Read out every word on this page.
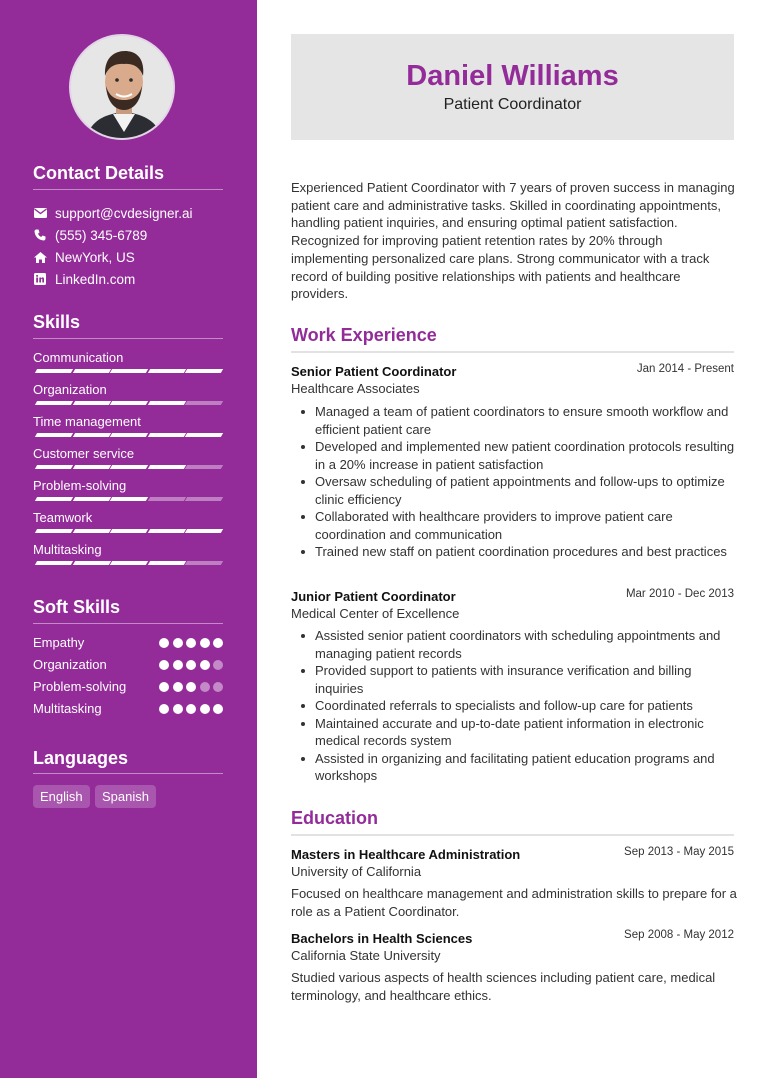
Contact Details
support@cvdesigner.ai
(555) 345-6789
NewYork, US
LinkedIn.com
Skills
Communication
Organization
Time management
Customer service
Problem-solving
Teamwork
Multitasking
Soft Skills
Empathy
Organization
Problem-solving
Multitasking
Languages
English	Spanish
Daniel Williams
Patient Coordinator
Experienced Patient Coordinator with 7 years of proven success in managing patient care and administrative tasks. Skilled in coordinating appointments, handling patient inquiries, and ensuring optimal patient satisfaction. Recognized for improving patient retention rates by 20% through implementing personalized care plans. Strong communicator with a track record of building positive relationships with patients and healthcare providers.
Work Experience
Senior Patient Coordinator	Jan 2014 - Present
Healthcare Associates
Managed a team of patient coordinators to ensure smooth workflow and efficient patient care
Developed and implemented new patient coordination protocols resulting in a 20% increase in patient satisfaction
Oversaw scheduling of patient appointments and follow-ups to optimize clinic efficiency
Collaborated with healthcare providers to improve patient care coordination and communication
Trained new staff on patient coordination procedures and best practices
Junior Patient Coordinator	Mar 2010 - Dec 2013
Medical Center of Excellence
Assisted senior patient coordinators with scheduling appointments and managing patient records
Provided support to patients with insurance verification and billing inquiries
Coordinated referrals to specialists and follow-up care for patients
Maintained accurate and up-to-date patient information in electronic medical records system
Assisted in organizing and facilitating patient education programs and workshops
Education
Masters in Healthcare Administration	Sep 2013 - May 2015
University of California
Focused on healthcare management and administration skills to prepare for a role as a Patient Coordinator.
Bachelors in Health Sciences	Sep 2008 - May 2012
California State University
Studied various aspects of health sciences including patient care, medical terminology, and healthcare ethics.
